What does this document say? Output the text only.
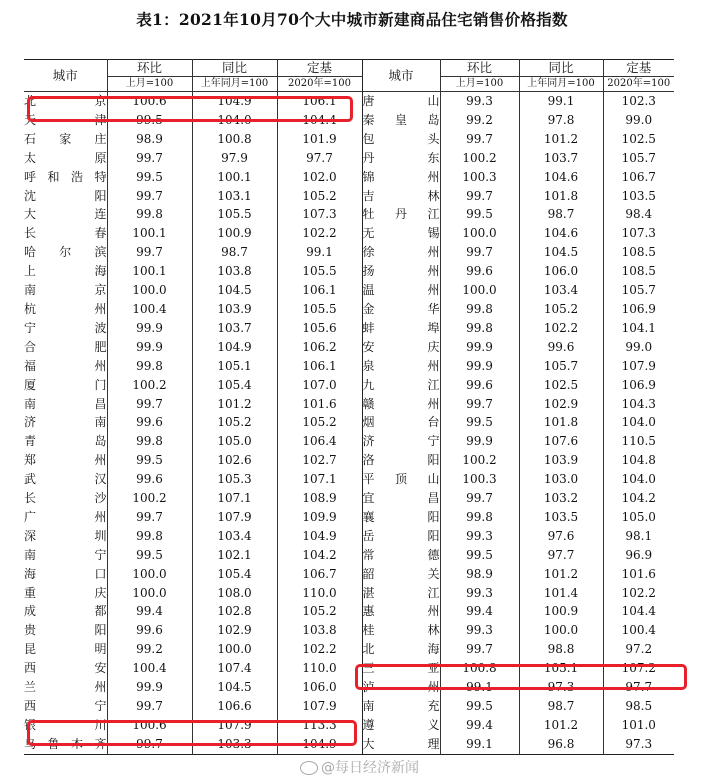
表1：2021年10月70个大中城市新建商品住宅销售价格指数
城市	环比	同比	定基	城市	环比	同比	定基
	上月=100	上年同月=100	2020年=100		上月=100	上年同月=100	2020年=100
北　京	100.6	104.9	106.1	唐　山	99.3	99.1	102.3
天　津	99.5	104.0	104.4	秦皇岛	99.2	97.8	99.0
石家庄	98.9	100.8	101.9	包　头	99.7	101.2	102.5
太　原	99.7	97.9	97.7	丹　东	100.2	103.7	105.7
呼和浩特	99.5	100.1	102.0	锦　州	100.3	104.6	106.7
沈　阳	99.7	103.1	105.2	吉　林	99.7	101.8	103.5
大　连	99.8	105.5	107.3	牡丹江	99.5	98.7	98.4
长　春	100.1	100.9	102.2	无　锡	100.0	104.6	107.3
哈尔滨	99.7	98.7	99.1	徐　州	99.7	104.5	108.5
上　海	100.1	103.8	105.5	扬　州	99.6	106.0	108.5
南　京	100.0	104.5	106.1	温　州	100.0	103.4	105.7
杭　州	100.4	103.9	105.5	金　华	99.8	105.2	106.9
宁　波	99.9	103.7	105.6	蚌　埠	99.8	102.2	104.1
合　肥	99.9	104.9	106.2	安　庆	99.9	99.6	99.0
福　州	99.8	105.1	106.1	泉　州	99.9	105.7	107.9
厦　门	100.2	105.4	107.0	九　江	99.6	102.5	106.9
南　昌	99.7	101.2	101.6	赣　州	99.7	102.9	104.3
济　南	99.6	105.2	105.2	烟　台	99.5	101.8	104.0
青　岛	99.8	105.0	106.4	济　宁	99.9	107.6	110.5
郑　州	99.5	102.6	102.7	洛　阳	100.2	103.9	104.8
武　汉	99.6	105.3	107.1	平顶山	100.3	103.0	104.0
长　沙	100.2	107.1	108.9	宜　昌	99.7	103.2	104.2
广　州	99.7	107.9	109.9	襄　阳	99.8	103.5	105.0
深　圳	99.8	103.4	104.9	岳　阳	99.3	97.6	98.1
南　宁	99.5	102.1	104.2	常　德	99.5	97.7	96.9
海　口	100.0	105.4	106.7	韶　关	98.9	101.2	101.6
重　庆	100.0	108.0	110.0	湛　江	99.3	101.4	102.2
成　都	99.4	102.8	105.2	惠　州	99.4	100.9	104.4
贵　阳	99.6	102.9	103.8	桂　林	99.3	100.0	100.4
昆　明	99.2	100.0	102.2	北　海	99.7	98.8	97.2
西　安	100.4	107.4	110.0	三　亚	100.8	105.1	107.2
兰　州	99.9	104.5	106.0	泸　州	99.1	97.3	97.7
西　宁	99.7	106.6	107.9	南　充	99.5	98.7	98.5
银　川	100.6	107.9	113.3	遵　义	99.4	101.2	101.0
乌鲁木齐	99.7	103.3	104.9	大　理	99.1	96.8	97.3
@每日经济新闻
